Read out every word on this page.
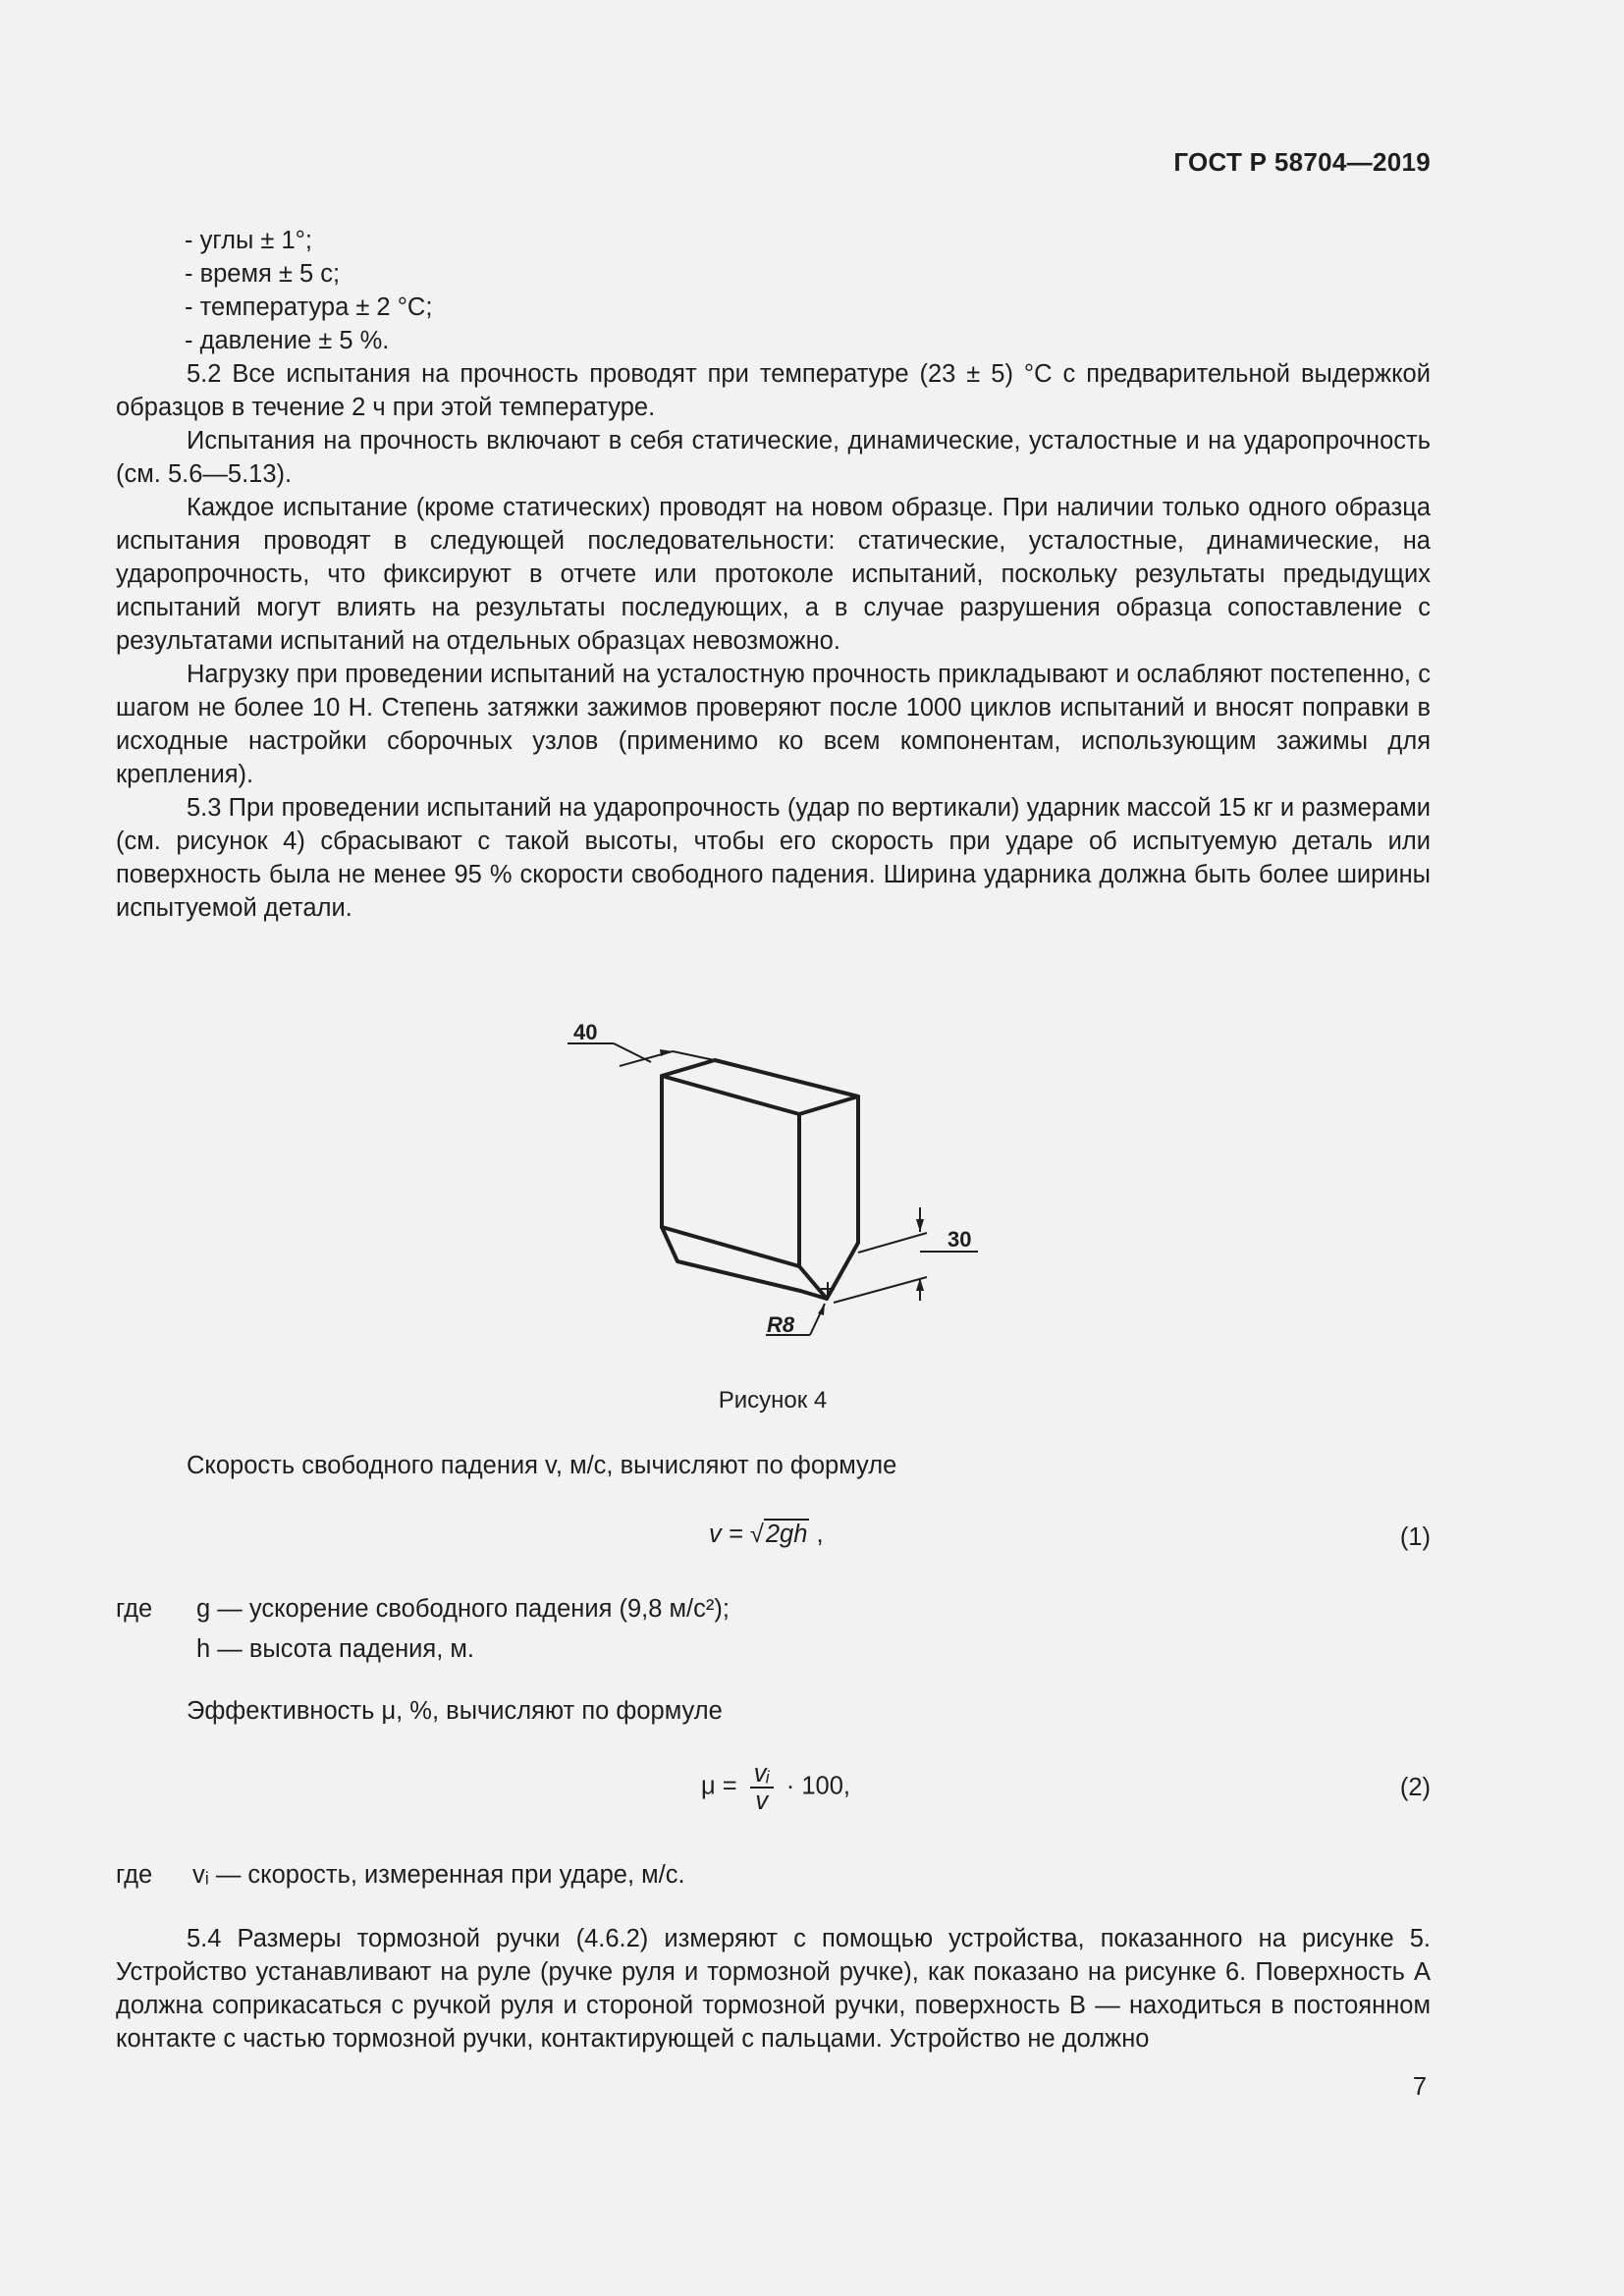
ГОСТ Р 58704—2019
- углы ± 1°;
- время ± 5 с;
- температура ± 2 °С;
- давление ± 5 %.

5.2 Все испытания на прочность проводят при температуре (23 ± 5) °С с предварительной выдержкой образцов в течение 2 ч при этой температуре.

Испытания на прочность включают в себя статические, динамические, усталостные и на ударопрочность (см. 5.6—5.13).

Каждое испытание (кроме статических) проводят на новом образце. При наличии только одного образца испытания проводят в следующей последовательности: статические, усталостные, динамические, на ударопрочность, что фиксируют в отчете или протоколе испытаний, поскольку результаты предыдущих испытаний могут влиять на результаты последующих, а в случае разрушения образца сопоставление с результатами испытаний на отдельных образцах невозможно.

Нагрузку при проведении испытаний на усталостную прочность прикладывают и ослабляют постепенно, с шагом не более 10 Н. Степень затяжки зажимов проверяют после 1000 циклов испытаний и вносят поправки в исходные настройки сборочных узлов (применимо ко всем компонентам, использующим зажимы для крепления).

5.3 При проведении испытаний на ударопрочность (удар по вертикали) ударник массой 15 кг и размерами (см. рисунок 4) сбрасывают с такой высоты, чтобы его скорость при ударе об испытуемую деталь или поверхность была не менее 95 % скорости свободного падения. Ширина ударника должна быть более ширины испытуемой детали.

40
30
R8
Рисунок 4
Скорость свободного падения v, м/с, вычисляют по формуле
v = √2gh ,	(1)
где g — ускорение свободного падения (9,8 м/с²);
h — высота падения, м.
Эффективность μ, %, вычисляют по формуле
$\mu = \frac{\text{vᵢ}}{v} \cdot 100$,	(2)
где vᵢ — скорость, измеренная при ударе, м/с.

5.4 Размеры тормозной ручки (4.6.2) измеряют с помощью устройства, показанного на рисунке 5. Устройство устанавливают на руле (ручке руля и тормозной ручке), как показано на рисунке 6. Поверхность А должна соприкасаться с ручкой руля и стороной тормозной ручки, поверхность В — находиться в постоянном контакте с частью тормозной ручки, контактирующей с пальцами. Устройство не должно

7
